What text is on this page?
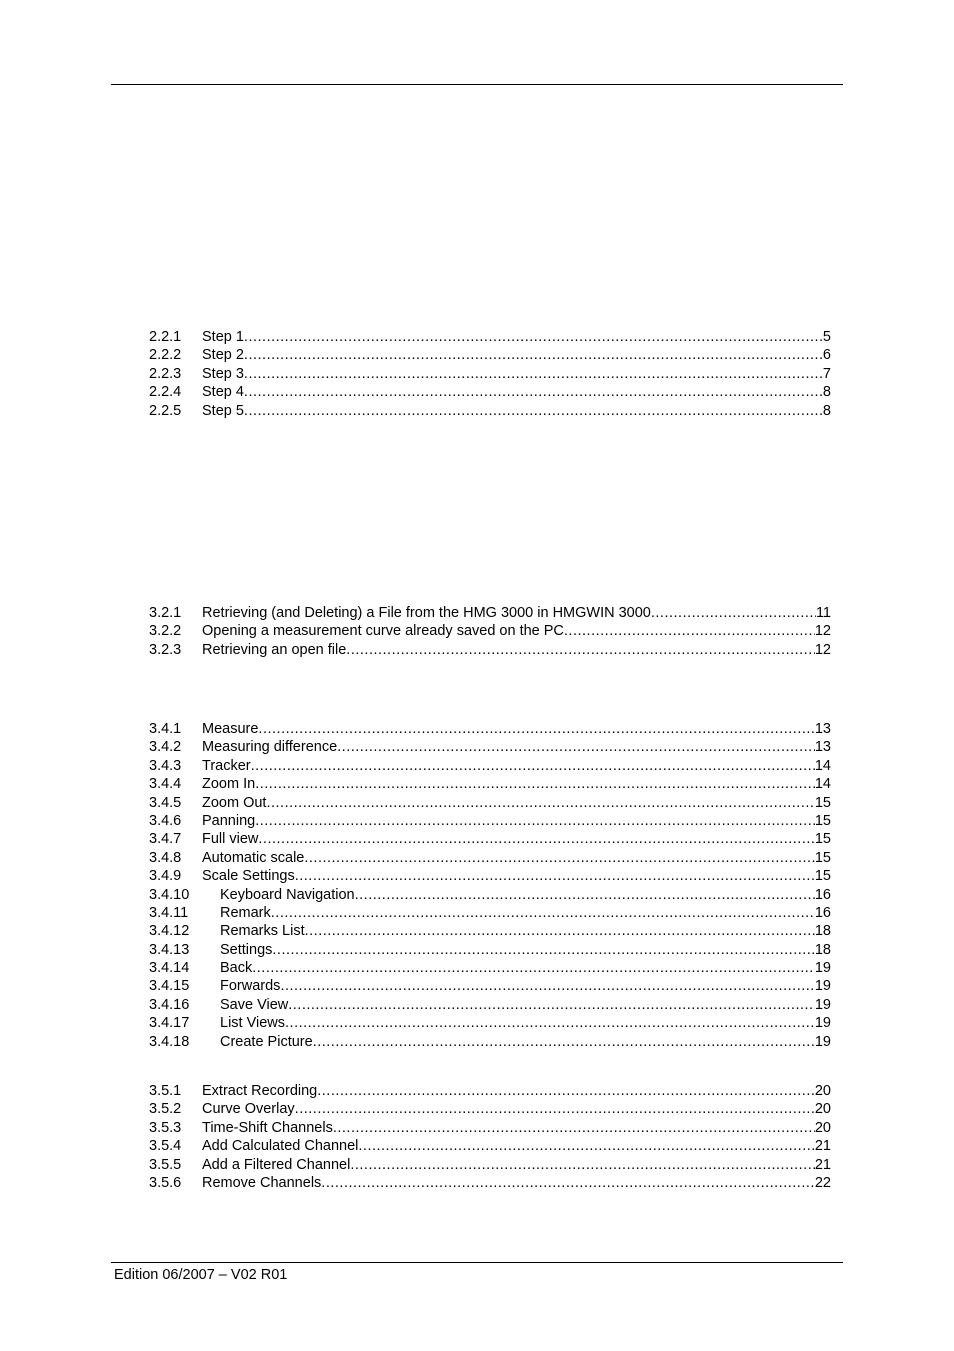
2.2.1 Step 1 .....	5
2.2.2 Step 2 .....	6
2.2.3 Step 3 .....	7
2.2.4 Step 4 .....	8
2.2.5 Step 5 .....	8
3.2.1 Retrieving (and Deleting) a File from the HMG 3000 in HMGWIN 3000 .....	11
3.2.2 Opening a measurement curve already saved on the PC .....	12
3.2.3 Retrieving an open file .....	12
3.4.1 Measure .....	13
3.4.2 Measuring difference .....	13
3.4.3 Tracker .....	14
3.4.4 Zoom In .....	14
3.4.5 Zoom Out .....	15
3.4.6 Panning .....	15
3.4.7 Full view .....	15
3.4.8 Automatic scale .....	15
3.4.9 Scale Settings .....	15
3.4.10 Keyboard Navigation .....	16
3.4.11 Remark .....	16
3.4.12 Remarks List .....	18
3.4.13 Settings .....	18
3.4.14 Back .....	19
3.4.15 Forwards .....	19
3.4.16 Save View .....	19
3.4.17 List Views .....	19
3.4.18 Create Picture .....	19
3.5.1 Extract Recording .....	20
3.5.2 Curve Overlay .....	20
3.5.3 Time-Shift Channels .....	20
3.5.4 Add Calculated Channel .....	21
3.5.5 Add a Filtered Channel .....	21
3.5.6 Remove Channels .....	22
Edition 06/2007 – V02 R01
